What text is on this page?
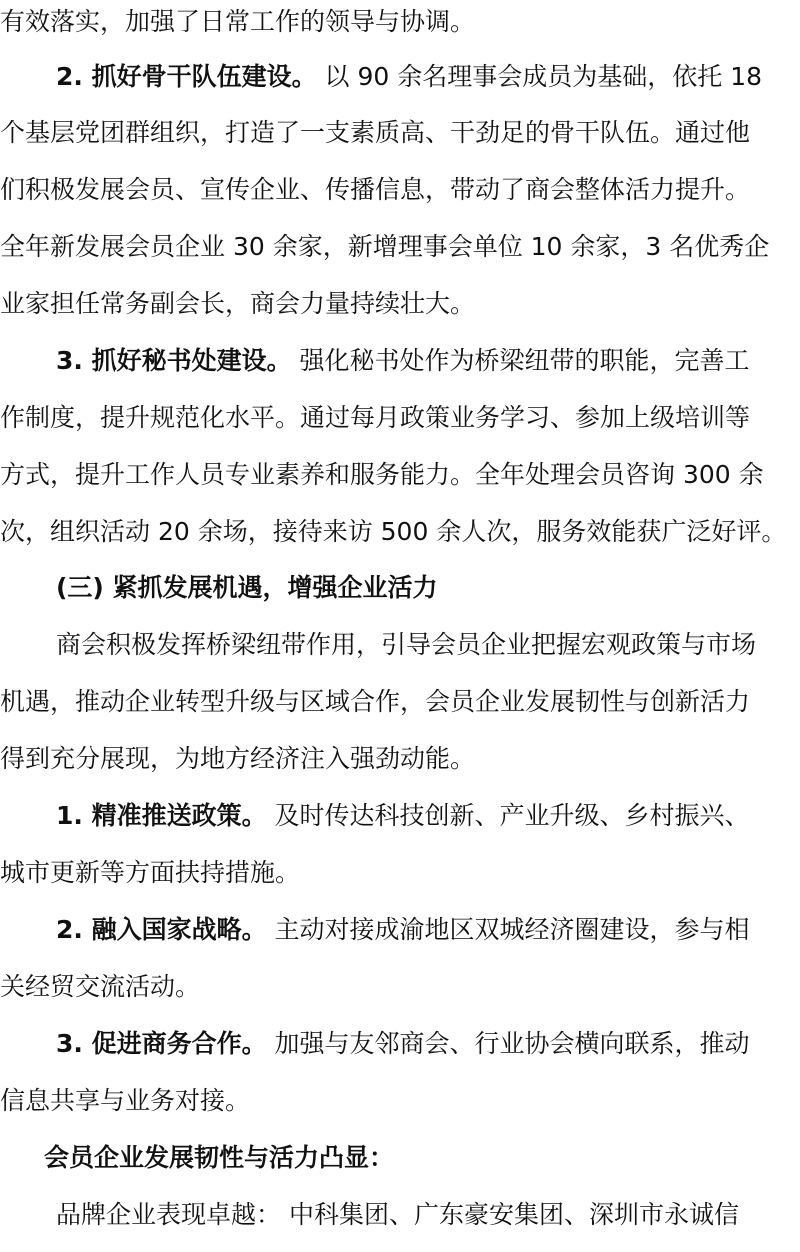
有效落实，加强了日常工作的领导与协调。
2. 抓好骨干队伍建设。 以 90 余名理事会成员为基础，依托 18
个基层党团群组织，打造了一支素质高、干劲足的骨干队伍。通过他
们积极发展会员、宣传企业、传播信息，带动了商会整体活力提升。
全年新发展会员企业 30 余家，新增理事会单位 10 余家，3 名优秀企
业家担任常务副会长，商会力量持续壮大。
3. 抓好秘书处建设。 强化秘书处作为桥梁纽带的职能，完善工
作制度，提升规范化水平。通过每月政策业务学习、参加上级培训等
方式，提升工作人员专业素养和服务能力。全年处理会员咨询 300 余
次，组织活动 20 余场，接待来访 500 余人次，服务效能获广泛好评。
(三) 紧抓发展机遇，增强企业活力
商会积极发挥桥梁纽带作用，引导会员企业把握宏观政策与市场
机遇，推动企业转型升级与区域合作，会员企业发展韧性与创新活力
得到充分展现，为地方经济注入强劲动能。
1. 精准推送政策。 及时传达科技创新、产业升级、乡村振兴、
城市更新等方面扶持措施。
2. 融入国家战略。 主动对接成渝地区双城经济圈建设，参与相
关经贸交流活动。
3. 促进商务合作。 加强与友邻商会、行业协会横向联系，推动
信息共享与业务对接。
会员企业发展韧性与活力凸显：
品牌企业表现卓越： 中科集团、广东豪安集团、深圳市永诚信
